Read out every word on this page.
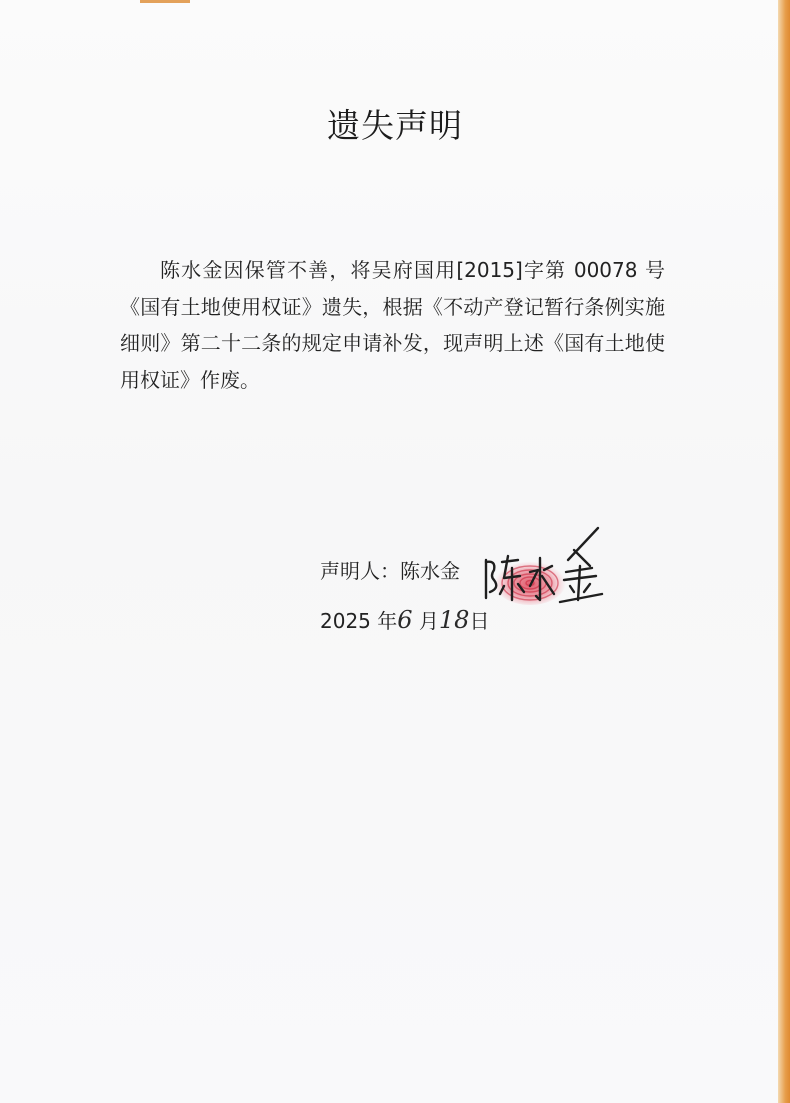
遗失声明
陈水金因保管不善，将吴府国用[2015]字第 00078 号《国有土地使用权证》遗失，根据《不动产登记暂行条例实施细则》第二十二条的规定申请补发，现声明上述《国有土地使用权证》作废。
声明人：陈水金
2025 年6 月18日
